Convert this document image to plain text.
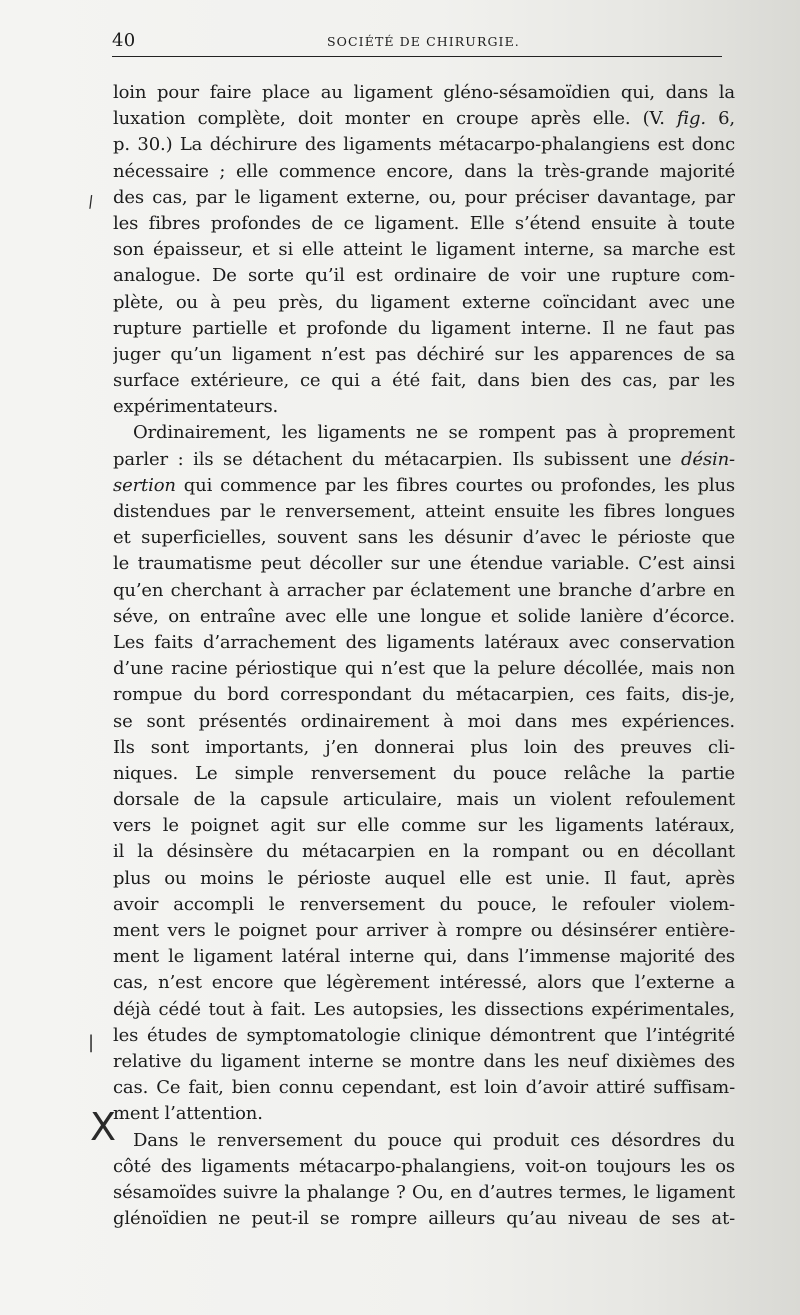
40	SOCIÉTÉ DE CHIRURGIE.
loin pour faire place au ligament gléno-sésamoïdien qui, dans la
luxation complète, doit monter en croupe après elle. (V. fig. 6,
p. 30.) La déchirure des ligaments métacarpo-phalangiens est donc
nécessaire ; elle commence encore, dans la très-grande majorité
des cas, par le ligament externe, ou, pour préciser davantage, par
les fibres profondes de ce ligament. Elle s’étend ensuite à toute
son épaisseur, et si elle atteint le ligament interne, sa marche est
analogue. De sorte qu’il est ordinaire de voir une rupture com-
plète, ou à peu près, du ligament externe coïncidant avec une
rupture partielle et profonde du ligament interne. Il ne faut pas
juger qu’un ligament n’est pas déchiré sur les apparences de sa
surface extérieure, ce qui a été fait, dans bien des cas, par les
expérimentateurs.
Ordinairement, les ligaments ne se rompent pas à proprement
parler : ils se détachent du métacarpien. Ils subissent une désin-
sertion qui commence par les fibres courtes ou profondes, les plus
distendues par le renversement, atteint ensuite les fibres longues
et superficielles, souvent sans les désunir d’avec le périoste que
le traumatisme peut décoller sur une étendue variable. C’est ainsi
qu’en cherchant à arracher par éclatement une branche d’arbre en
séve, on entraîne avec elle une longue et solide lanière d’écorce.
Les faits d’arrachement des ligaments latéraux avec conservation
d’une racine périostique qui n’est que la pelure décollée, mais non
rompue du bord correspondant du métacarpien, ces faits, dis-je,
se sont présentés ordinairement à moi dans mes expériences.
Ils sont importants, j’en donnerai plus loin des preuves cli-
niques. Le simple renversement du pouce relâche la partie
dorsale de la capsule articulaire, mais un violent refoulement
vers le poignet agit sur elle comme sur les ligaments latéraux,
il la désinsère du métacarpien en la rompant ou en décollant
plus ou moins le périoste auquel elle est unie. Il faut, après
avoir accompli le renversement du pouce, le refouler violem-
ment vers le poignet pour arriver à rompre ou désinsérer entière-
ment le ligament latéral interne qui, dans l’immense majorité des
cas, n’est encore que légèrement intéressé, alors que l’externe a
déjà cédé tout à fait. Les autopsies, les dissections expérimentales,
les études de symptomatologie clinique démontrent que l’intégrité
relative du ligament interne se montre dans les neuf dixièmes des
cas. Ce fait, bien connu cependant, est loin d’avoir attiré suffisam-
ment l’attention.
Dans le renversement du pouce qui produit ces désordres du
côté des ligaments métacarpo-phalangiens, voit-on toujours les os
sésamoïdes suivre la phalange ? Ou, en d’autres termes, le ligament
glénoïdien ne peut-il se rompre ailleurs qu’au niveau de ses at-
/
|
X
